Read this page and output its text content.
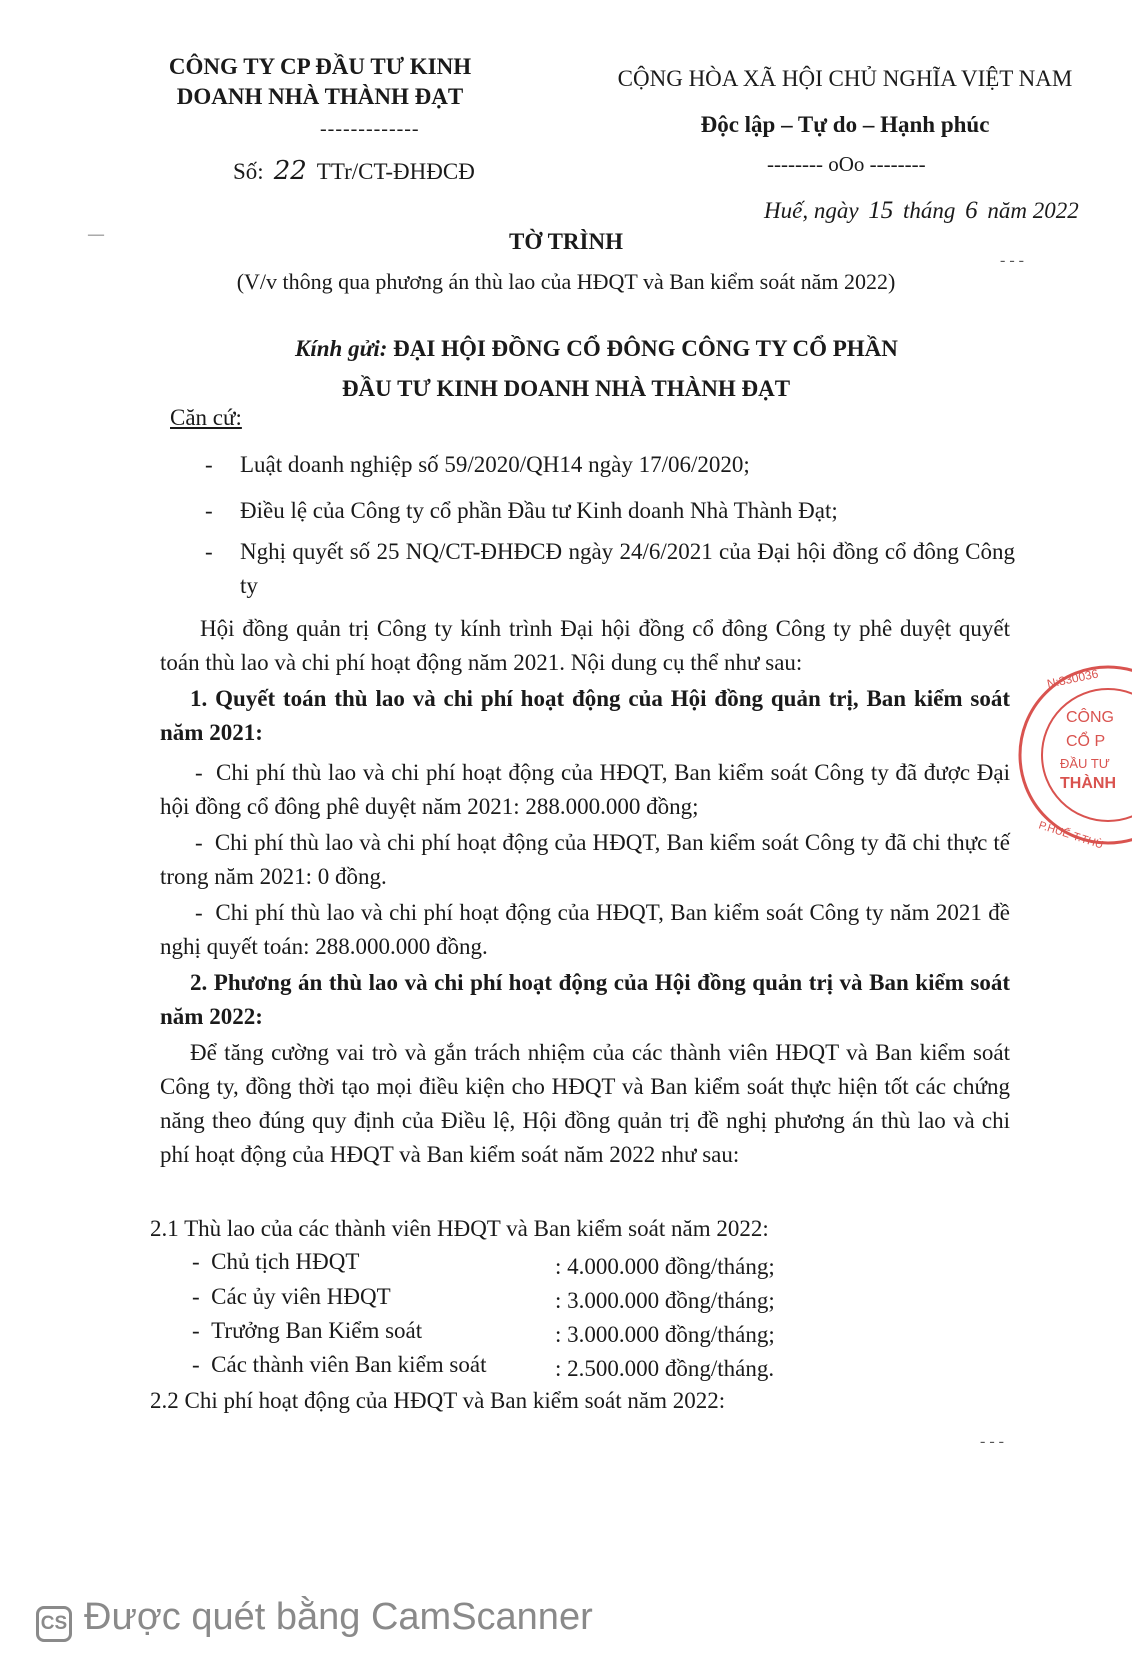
CÔNG TY CP ĐẦU TƯ KINH
DOANH NHÀ THÀNH ĐẠT
-------------
Số: 22 TTr/CT-ĐHĐCĐ
CỘNG HÒA XÃ HỘI CHỦ NGHĨA VIỆT NAM
Độc lập – Tự do – Hạnh phúc
-------- oOo --------
Huế, ngày 15 tháng 6 năm 2022
TỜ TRÌNH
(V/v thông qua phương án thù lao của HĐQT và Ban kiểm soát năm 2022)
Kính gửi: ĐẠI HỘI ĐỒNG CỔ ĐÔNG CÔNG TY CỔ PHẦN
ĐẦU TƯ KINH DOANH NHÀ THÀNH ĐẠT
Căn cứ:
- Luật doanh nghiệp số 59/2020/QH14 ngày 17/06/2020;
- Điều lệ của Công ty cổ phần Đầu tư Kinh doanh Nhà Thành Đạt;
- Nghị quyết số 25 NQ/CT-ĐHĐCĐ ngày 24/6/2021 của Đại hội đồng cổ đông Công ty
Hội đồng quản trị Công ty kính trình Đại hội đồng cổ đông Công ty phê duyệt quyết toán thù lao và chi phí hoạt động năm 2021. Nội dung cụ thể như sau:
1. Quyết toán thù lao và chi phí hoạt động của Hội đồng quản trị, Ban kiểm soát năm 2021:
-  Chi phí thù lao và chi phí hoạt động của HĐQT, Ban kiểm soát Công ty đã được Đại hội đồng cổ đông phê duyệt năm 2021: 288.000.000 đồng;
-  Chi phí thù lao và chi phí hoạt động của HĐQT, Ban kiểm soát Công ty đã chi thực tế trong năm 2021: 0 đồng.
-  Chi phí thù lao và chi phí hoạt động của HĐQT, Ban kiểm soát Công ty năm 2021 đề nghị quyết toán: 288.000.000 đồng.
2. Phương án thù lao và chi phí hoạt động của Hội đồng quản trị và Ban kiểm soát năm 2022:
Để tăng cường vai trò và gắn trách nhiệm của các thành viên HĐQT và Ban kiểm soát Công ty, đồng thời tạo mọi điều kiện cho HĐQT và Ban kiểm soát thực hiện tốt các chứng năng theo đúng quy định của Điều lệ, Hội đồng quản trị đề nghị phương án thù lao và chi phí hoạt động của HĐQT và Ban kiểm soát năm 2022 như sau:
2.1 Thù lao của các thành viên HĐQT và Ban kiểm soát năm 2022:
-  Chủ tịch HĐQT	: 4.000.000 đồng/tháng;
-  Các ủy viên HĐQT	: 3.000.000 đồng/tháng;
-  Trưởng Ban Kiểm soát	: 3.000.000 đồng/tháng;
-  Các thành viên Ban kiểm soát	: 2.500.000 đồng/tháng.
2.2 Chi phí hoạt động của HĐQT và Ban kiểm soát năm 2022:
N:330036
CÔNG
CỔ P
ĐẦU TƯ
THÀNH
P.HUẾ-T.THỪ
—
- - -
- - -
CS Được quét bằng CamScanner
